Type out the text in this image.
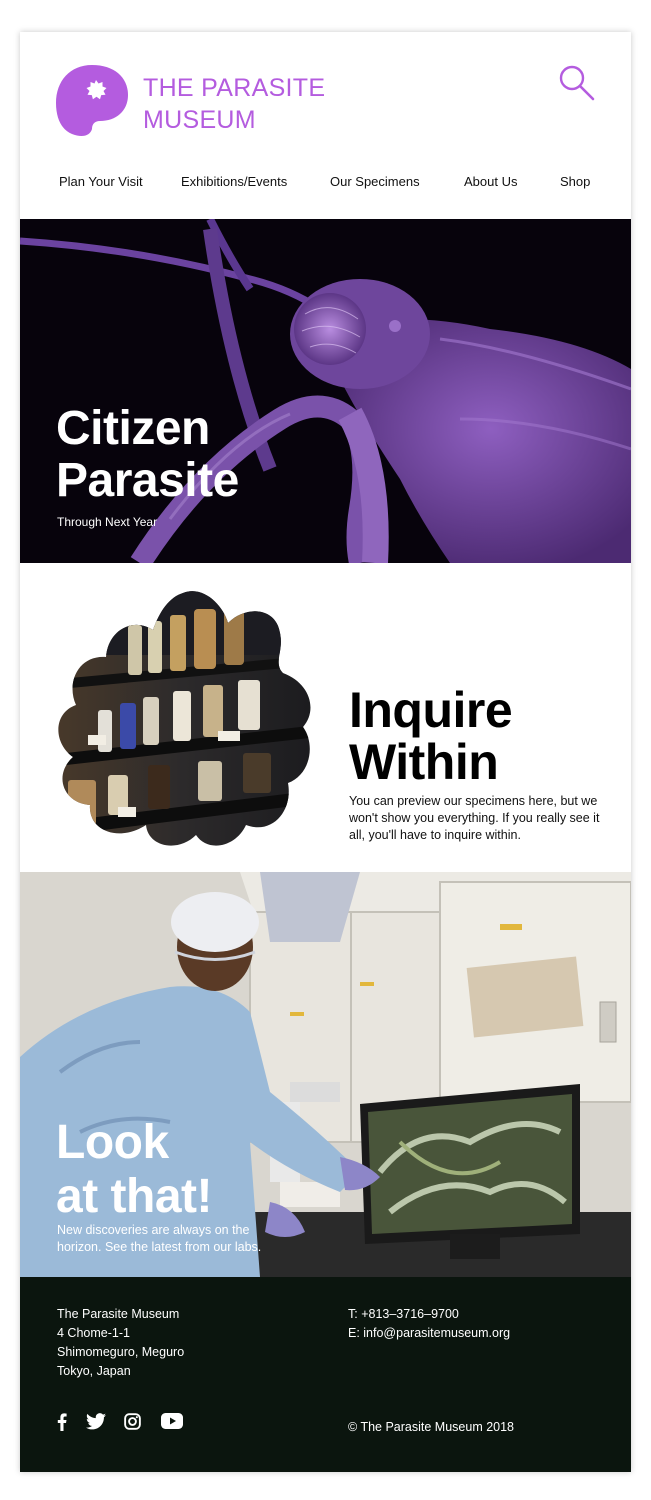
THE PARASITE
MUSEUM
Plan Your Visit	Exhibitions/Events	Our Specimens	About Us	Shop
Citizen
Parasite
Through Next Year
Inquire
Within
You can preview our specimens here, but we won't show you everything. If you really see it all, you'll have to inquire within.
Look
at that!
New discoveries are always on the horizon. See the latest from our labs.
The Parasite Museum
4 Chome-1-1
Shimomeguro, Meguro
Tokyo, Japan
T: +813–3716–9700
E: info@parasitemuseum.org
© The Parasite Museum 2018
